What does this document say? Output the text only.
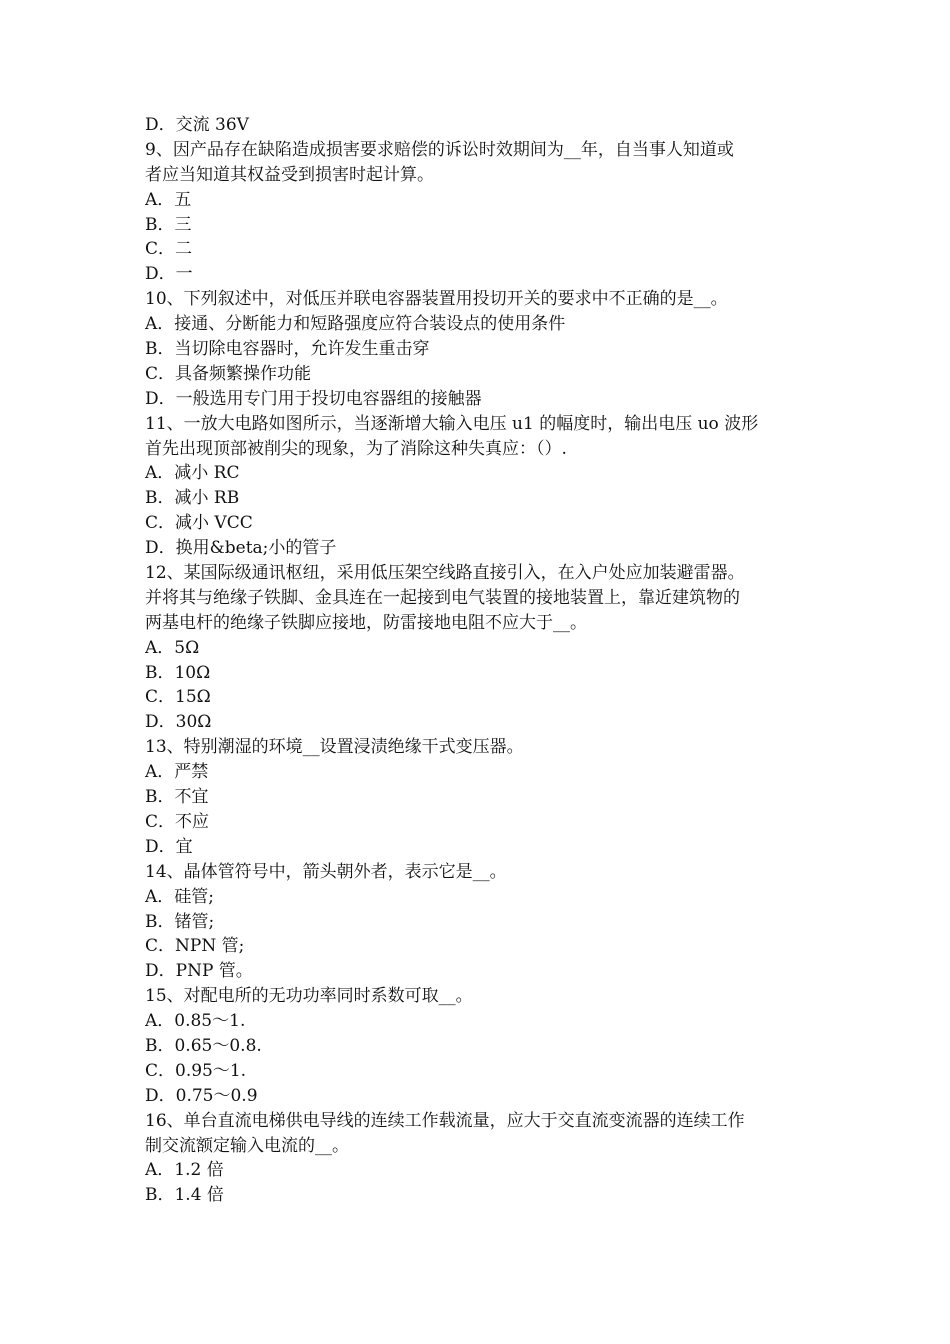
D．交流 36V
9、因产品存在缺陷造成损害要求赔偿的诉讼时效期间为__年，自当事人知道或
者应当知道其权益受到损害时起计算。
A．五
B．三
C．二
D．一
10、下列叙述中，对低压并联电容器装置用投切开关的要求中不正确的是__。
A．接通、分断能力和短路强度应符合装设点的使用条件
B．当切除电容器时，允许发生重击穿
C．具备频繁操作功能
D．一般选用专门用于投切电容器组的接触器
11、一放大电路如图所示，当逐渐增大输入电压 u1 的幅度时，输出电压 uo 波形
首先出现顶部被削尖的现象，为了消除这种失真应：（）.
A．减小 RC
B．减小 RB
C．减小 VCC
D．换用&beta;小的管子
12、某国际级通讯枢纽，采用低压架空线路直接引入，在入户处应加装避雷器。
并将其与绝缘子铁脚、金具连在一起接到电气装置的接地装置上，靠近建筑物的
两基电杆的绝缘子铁脚应接地，防雷接地电阻不应大于__。
A．5Ω
B．10Ω
C．15Ω
D．30Ω
13、特别潮湿的环境__设置浸渍绝缘干式变压器。
A．严禁
B．不宜
C．不应
D．宜
14、晶体管符号中，箭头朝外者，表示它是__。
A．硅管;
B．锗管;
C．NPN 管;
D．PNP 管。
15、对配电所的无功功率同时系数可取__。
A．0.85～1.
B．0.65～0.8.
C．0.95～1.
D．0.75～0.9
16、单台直流电梯供电导线的连续工作载流量，应大于交直流变流器的连续工作
制交流额定输入电流的__。
A．1.2 倍
B．1.4 倍
